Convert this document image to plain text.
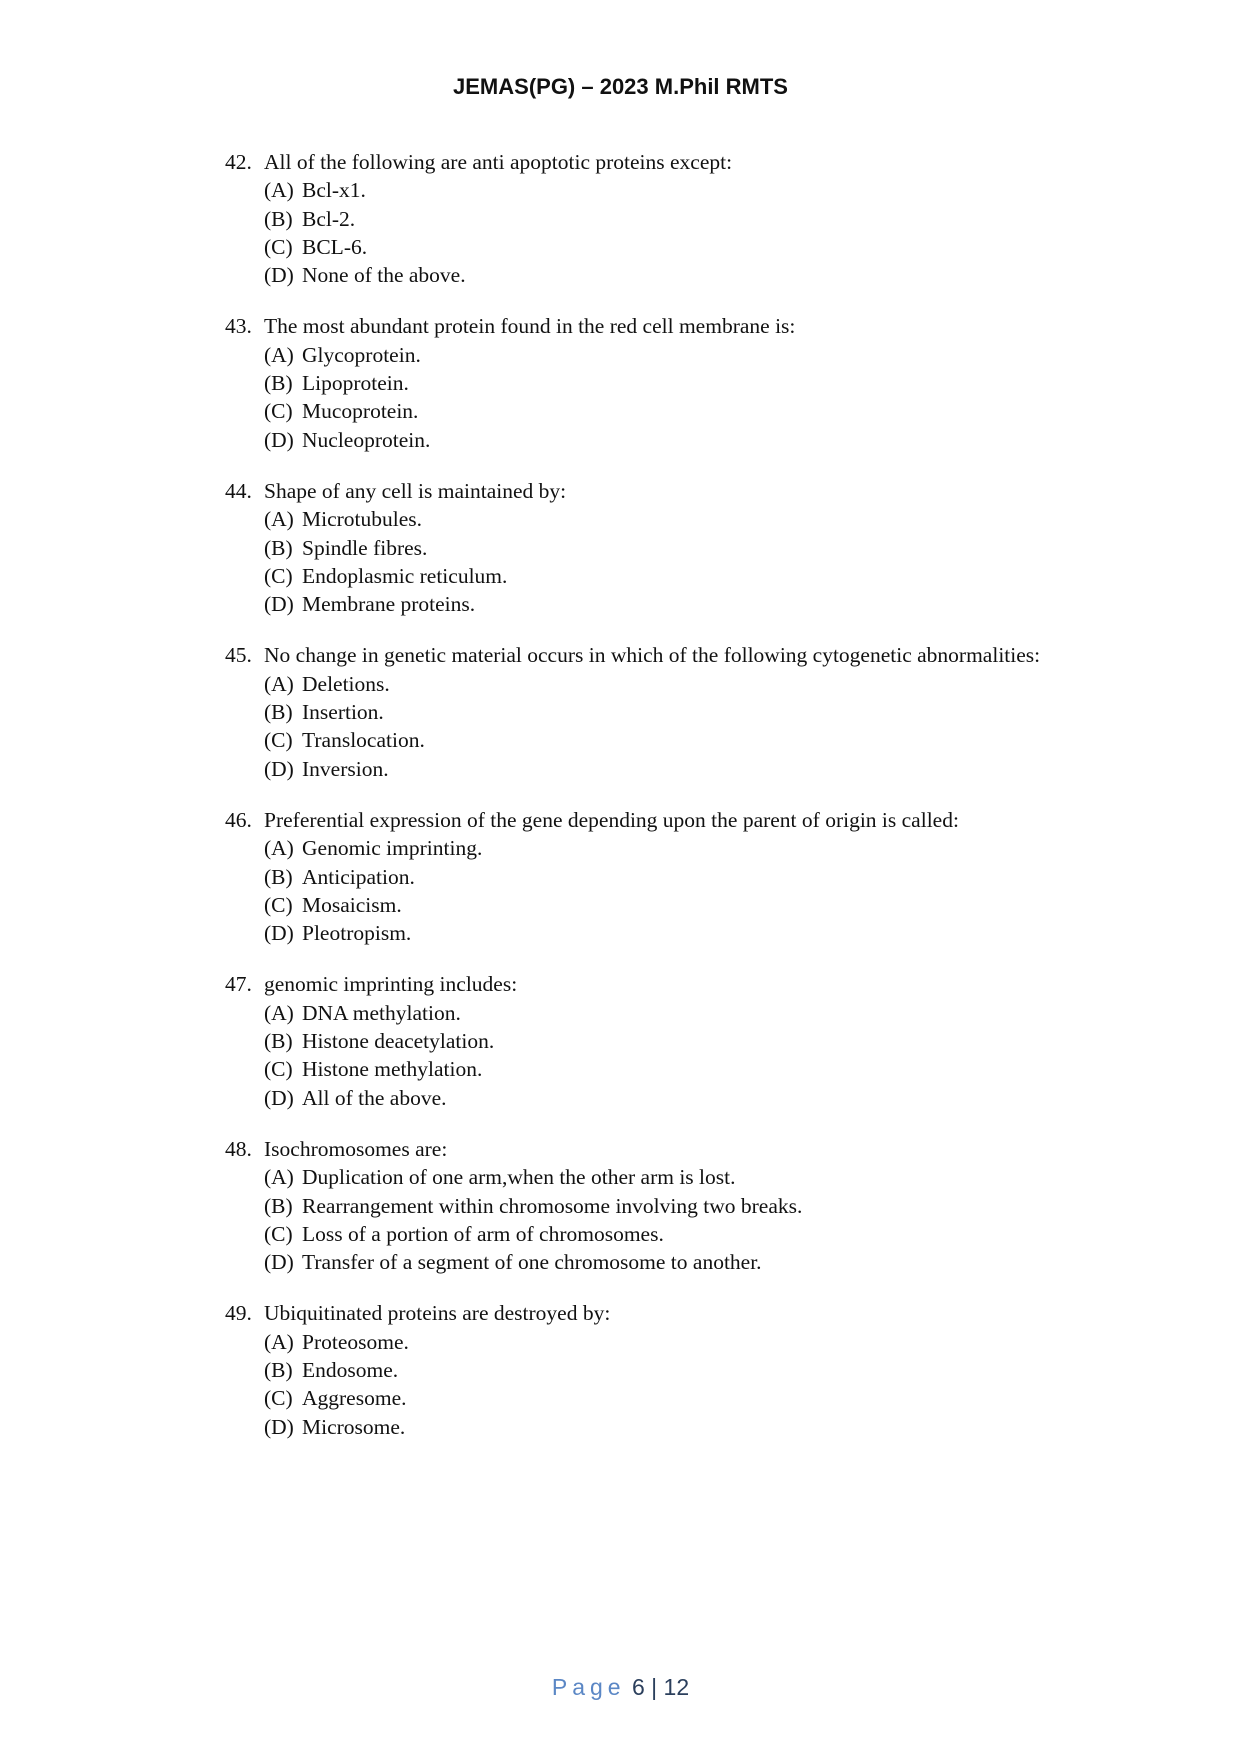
JEMAS(PG) – 2023 M.Phil RMTS
42. All of the following are anti apoptotic proteins except:
(A) Bcl-x1.
(B) Bcl-2.
(C) BCL-6.
(D) None of the above.
43. The most abundant protein found in the red cell membrane is:
(A) Glycoprotein.
(B) Lipoprotein.
(C) Mucoprotein.
(D) Nucleoprotein.
44. Shape of any cell is maintained by:
(A) Microtubules.
(B) Spindle fibres.
(C) Endoplasmic reticulum.
(D) Membrane proteins.
45. No change in genetic material occurs in which of the following cytogenetic abnormalities:
(A) Deletions.
(B) Insertion.
(C) Translocation.
(D) Inversion.
46. Preferential expression of the gene depending upon the parent of origin is called:
(A) Genomic imprinting.
(B) Anticipation.
(C) Mosaicism.
(D) Pleotropism.
47. genomic imprinting includes:
(A) DNA methylation.
(B) Histone deacetylation.
(C) Histone methylation.
(D) All of the above.
48. Isochromosomes are:
(A) Duplication of one arm,when the other arm is lost.
(B) Rearrangement within chromosome involving two breaks.
(C) Loss of a portion of arm of chromosomes.
(D) Transfer of a segment of one chromosome to another.
49. Ubiquitinated proteins are destroyed by:
(A) Proteosome.
(B) Endosome.
(C) Aggresome.
(D) Microsome.
Page 6 | 12
